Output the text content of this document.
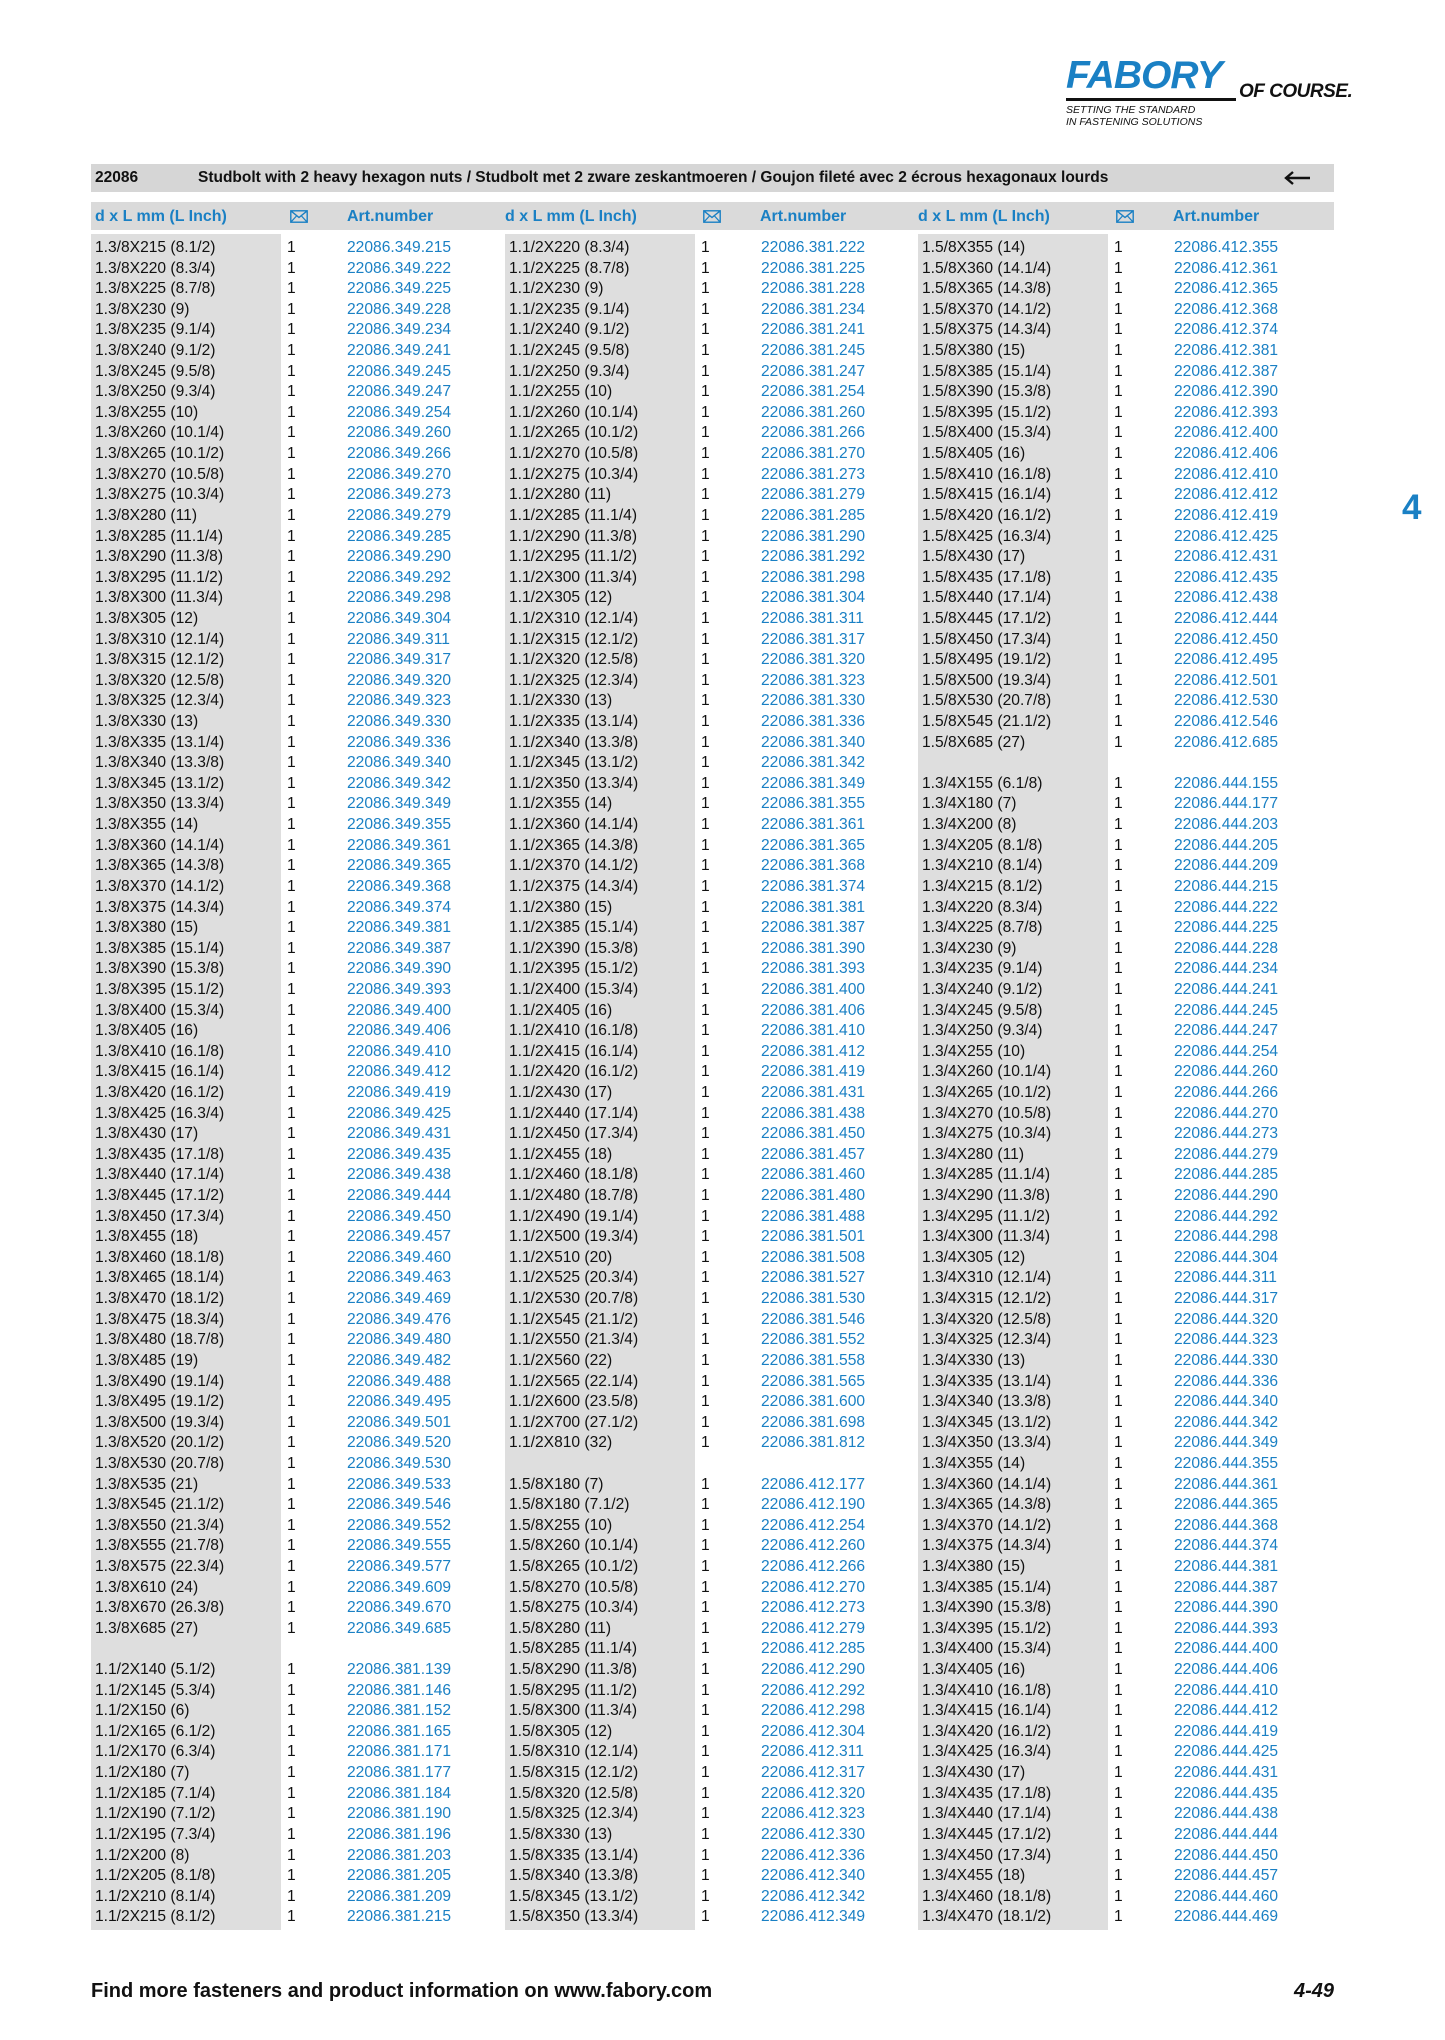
FABORY OF COURSE.
SETTING THE STANDARD
IN FASTENING SOLUTIONS
4
22086	Studbolt with 2 heavy hexagon nuts / Studbolt met 2 zware zeskantmoeren / Goujon fileté avec 2 écrous hexagonaux lourds
d x L mm (L Inch)	Art.number	d x L mm (L Inch)	Art.number	d x L mm (L Inch)	Art.number
1.3/8X215 (8.1/2)	1	22086.349.215
1.3/8X220 (8.3/4)	1	22086.349.222
1.3/8X225 (8.7/8)	1	22086.349.225
1.3/8X230 (9)	1	22086.349.228
1.3/8X235 (9.1/4)	1	22086.349.234
1.3/8X240 (9.1/2)	1	22086.349.241
1.3/8X245 (9.5/8)	1	22086.349.245
1.3/8X250 (9.3/4)	1	22086.349.247
1.3/8X255 (10)	1	22086.349.254
1.3/8X260 (10.1/4)	1	22086.349.260
1.3/8X265 (10.1/2)	1	22086.349.266
1.3/8X270 (10.5/8)	1	22086.349.270
1.3/8X275 (10.3/4)	1	22086.349.273
1.3/8X280 (11)	1	22086.349.279
1.3/8X285 (11.1/4)	1	22086.349.285
1.3/8X290 (11.3/8)	1	22086.349.290
1.3/8X295 (11.1/2)	1	22086.349.292
1.3/8X300 (11.3/4)	1	22086.349.298
1.3/8X305 (12)	1	22086.349.304
1.3/8X310 (12.1/4)	1	22086.349.311
1.3/8X315 (12.1/2)	1	22086.349.317
1.3/8X320 (12.5/8)	1	22086.349.320
1.3/8X325 (12.3/4)	1	22086.349.323
1.3/8X330 (13)	1	22086.349.330
1.3/8X335 (13.1/4)	1	22086.349.336
1.3/8X340 (13.3/8)	1	22086.349.340
1.3/8X345 (13.1/2)	1	22086.349.342
1.3/8X350 (13.3/4)	1	22086.349.349
1.3/8X355 (14)	1	22086.349.355
1.3/8X360 (14.1/4)	1	22086.349.361
1.3/8X365 (14.3/8)	1	22086.349.365
1.3/8X370 (14.1/2)	1	22086.349.368
1.3/8X375 (14.3/4)	1	22086.349.374
1.3/8X380 (15)	1	22086.349.381
1.3/8X385 (15.1/4)	1	22086.349.387
1.3/8X390 (15.3/8)	1	22086.349.390
1.3/8X395 (15.1/2)	1	22086.349.393
1.3/8X400 (15.3/4)	1	22086.349.400
1.3/8X405 (16)	1	22086.349.406
1.3/8X410 (16.1/8)	1	22086.349.410
1.3/8X415 (16.1/4)	1	22086.349.412
1.3/8X420 (16.1/2)	1	22086.349.419
1.3/8X425 (16.3/4)	1	22086.349.425
1.3/8X430 (17)	1	22086.349.431
1.3/8X435 (17.1/8)	1	22086.349.435
1.3/8X440 (17.1/4)	1	22086.349.438
1.3/8X445 (17.1/2)	1	22086.349.444
1.3/8X450 (17.3/4)	1	22086.349.450
1.3/8X455 (18)	1	22086.349.457
1.3/8X460 (18.1/8)	1	22086.349.460
1.3/8X465 (18.1/4)	1	22086.349.463
1.3/8X470 (18.1/2)	1	22086.349.469
1.3/8X475 (18.3/4)	1	22086.349.476
1.3/8X480 (18.7/8)	1	22086.349.480
1.3/8X485 (19)	1	22086.349.482
1.3/8X490 (19.1/4)	1	22086.349.488
1.3/8X495 (19.1/2)	1	22086.349.495
1.3/8X500 (19.3/4)	1	22086.349.501
1.3/8X520 (20.1/2)	1	22086.349.520
1.3/8X530 (20.7/8)	1	22086.349.530
1.3/8X535 (21)	1	22086.349.533
1.3/8X545 (21.1/2)	1	22086.349.546
1.3/8X550 (21.3/4)	1	22086.349.552
1.3/8X555 (21.7/8)	1	22086.349.555
1.3/8X575 (22.3/4)	1	22086.349.577
1.3/8X610 (24)	1	22086.349.609
1.3/8X670 (26.3/8)	1	22086.349.670
1.3/8X685 (27)	1	22086.349.685
1.1/2X140 (5.1/2)	1	22086.381.139
1.1/2X145 (5.3/4)	1	22086.381.146
1.1/2X150 (6)	1	22086.381.152
1.1/2X165 (6.1/2)	1	22086.381.165
1.1/2X170 (6.3/4)	1	22086.381.171
1.1/2X180 (7)	1	22086.381.177
1.1/2X185 (7.1/4)	1	22086.381.184
1.1/2X190 (7.1/2)	1	22086.381.190
1.1/2X195 (7.3/4)	1	22086.381.196
1.1/2X200 (8)	1	22086.381.203
1.1/2X205 (8.1/8)	1	22086.381.205
1.1/2X210 (8.1/4)	1	22086.381.209
1.1/2X215 (8.1/2)	1	22086.381.215
1.1/2X220 (8.3/4)	1	22086.381.222
1.1/2X225 (8.7/8)	1	22086.381.225
1.1/2X230 (9)	1	22086.381.228
1.1/2X235 (9.1/4)	1	22086.381.234
1.1/2X240 (9.1/2)	1	22086.381.241
1.1/2X245 (9.5/8)	1	22086.381.245
1.1/2X250 (9.3/4)	1	22086.381.247
1.1/2X255 (10)	1	22086.381.254
1.1/2X260 (10.1/4)	1	22086.381.260
1.1/2X265 (10.1/2)	1	22086.381.266
1.1/2X270 (10.5/8)	1	22086.381.270
1.1/2X275 (10.3/4)	1	22086.381.273
1.1/2X280 (11)	1	22086.381.279
1.1/2X285 (11.1/4)	1	22086.381.285
1.1/2X290 (11.3/8)	1	22086.381.290
1.1/2X295 (11.1/2)	1	22086.381.292
1.1/2X300 (11.3/4)	1	22086.381.298
1.1/2X305 (12)	1	22086.381.304
1.1/2X310 (12.1/4)	1	22086.381.311
1.1/2X315 (12.1/2)	1	22086.381.317
1.1/2X320 (12.5/8)	1	22086.381.320
1.1/2X325 (12.3/4)	1	22086.381.323
1.1/2X330 (13)	1	22086.381.330
1.1/2X335 (13.1/4)	1	22086.381.336
1.1/2X340 (13.3/8)	1	22086.381.340
1.1/2X345 (13.1/2)	1	22086.381.342
1.1/2X350 (13.3/4)	1	22086.381.349
1.1/2X355 (14)	1	22086.381.355
1.1/2X360 (14.1/4)	1	22086.381.361
1.1/2X365 (14.3/8)	1	22086.381.365
1.1/2X370 (14.1/2)	1	22086.381.368
1.1/2X375 (14.3/4)	1	22086.381.374
1.1/2X380 (15)	1	22086.381.381
1.1/2X385 (15.1/4)	1	22086.381.387
1.1/2X390 (15.3/8)	1	22086.381.390
1.1/2X395 (15.1/2)	1	22086.381.393
1.1/2X400 (15.3/4)	1	22086.381.400
1.1/2X405 (16)	1	22086.381.406
1.1/2X410 (16.1/8)	1	22086.381.410
1.1/2X415 (16.1/4)	1	22086.381.412
1.1/2X420 (16.1/2)	1	22086.381.419
1.1/2X430 (17)	1	22086.381.431
1.1/2X440 (17.1/4)	1	22086.381.438
1.1/2X450 (17.3/4)	1	22086.381.450
1.1/2X455 (18)	1	22086.381.457
1.1/2X460 (18.1/8)	1	22086.381.460
1.1/2X480 (18.7/8)	1	22086.381.480
1.1/2X490 (19.1/4)	1	22086.381.488
1.1/2X500 (19.3/4)	1	22086.381.501
1.1/2X510 (20)	1	22086.381.508
1.1/2X525 (20.3/4)	1	22086.381.527
1.1/2X530 (20.7/8)	1	22086.381.530
1.1/2X545 (21.1/2)	1	22086.381.546
1.1/2X550 (21.3/4)	1	22086.381.552
1.1/2X560 (22)	1	22086.381.558
1.1/2X565 (22.1/4)	1	22086.381.565
1.1/2X600 (23.5/8)	1	22086.381.600
1.1/2X700 (27.1/2)	1	22086.381.698
1.1/2X810 (32)	1	22086.381.812
1.5/8X180 (7)	1	22086.412.177
1.5/8X180 (7.1/2)	1	22086.412.190
1.5/8X255 (10)	1	22086.412.254
1.5/8X260 (10.1/4)	1	22086.412.260
1.5/8X265 (10.1/2)	1	22086.412.266
1.5/8X270 (10.5/8)	1	22086.412.270
1.5/8X275 (10.3/4)	1	22086.412.273
1.5/8X280 (11)	1	22086.412.279
1.5/8X285 (11.1/4)	1	22086.412.285
1.5/8X290 (11.3/8)	1	22086.412.290
1.5/8X295 (11.1/2)	1	22086.412.292
1.5/8X300 (11.3/4)	1	22086.412.298
1.5/8X305 (12)	1	22086.412.304
1.5/8X310 (12.1/4)	1	22086.412.311
1.5/8X315 (12.1/2)	1	22086.412.317
1.5/8X320 (12.5/8)	1	22086.412.320
1.5/8X325 (12.3/4)	1	22086.412.323
1.5/8X330 (13)	1	22086.412.330
1.5/8X335 (13.1/4)	1	22086.412.336
1.5/8X340 (13.3/8)	1	22086.412.340
1.5/8X345 (13.1/2)	1	22086.412.342
1.5/8X350 (13.3/4)	1	22086.412.349
1.5/8X355 (14)	1	22086.412.355
1.5/8X360 (14.1/4)	1	22086.412.361
1.5/8X365 (14.3/8)	1	22086.412.365
1.5/8X370 (14.1/2)	1	22086.412.368
1.5/8X375 (14.3/4)	1	22086.412.374
1.5/8X380 (15)	1	22086.412.381
1.5/8X385 (15.1/4)	1	22086.412.387
1.5/8X390 (15.3/8)	1	22086.412.390
1.5/8X395 (15.1/2)	1	22086.412.393
1.5/8X400 (15.3/4)	1	22086.412.400
1.5/8X405 (16)	1	22086.412.406
1.5/8X410 (16.1/8)	1	22086.412.410
1.5/8X415 (16.1/4)	1	22086.412.412
1.5/8X420 (16.1/2)	1	22086.412.419
1.5/8X425 (16.3/4)	1	22086.412.425
1.5/8X430 (17)	1	22086.412.431
1.5/8X435 (17.1/8)	1	22086.412.435
1.5/8X440 (17.1/4)	1	22086.412.438
1.5/8X445 (17.1/2)	1	22086.412.444
1.5/8X450 (17.3/4)	1	22086.412.450
1.5/8X495 (19.1/2)	1	22086.412.495
1.5/8X500 (19.3/4)	1	22086.412.501
1.5/8X530 (20.7/8)	1	22086.412.530
1.5/8X545 (21.1/2)	1	22086.412.546
1.5/8X685 (27)	1	22086.412.685
1.3/4X155 (6.1/8)	1	22086.444.155
1.3/4X180 (7)	1	22086.444.177
1.3/4X200 (8)	1	22086.444.203
1.3/4X205 (8.1/8)	1	22086.444.205
1.3/4X210 (8.1/4)	1	22086.444.209
1.3/4X215 (8.1/2)	1	22086.444.215
1.3/4X220 (8.3/4)	1	22086.444.222
1.3/4X225 (8.7/8)	1	22086.444.225
1.3/4X230 (9)	1	22086.444.228
1.3/4X235 (9.1/4)	1	22086.444.234
1.3/4X240 (9.1/2)	1	22086.444.241
1.3/4X245 (9.5/8)	1	22086.444.245
1.3/4X250 (9.3/4)	1	22086.444.247
1.3/4X255 (10)	1	22086.444.254
1.3/4X260 (10.1/4)	1	22086.444.260
1.3/4X265 (10.1/2)	1	22086.444.266
1.3/4X270 (10.5/8)	1	22086.444.270
1.3/4X275 (10.3/4)	1	22086.444.273
1.3/4X280 (11)	1	22086.444.279
1.3/4X285 (11.1/4)	1	22086.444.285
1.3/4X290 (11.3/8)	1	22086.444.290
1.3/4X295 (11.1/2)	1	22086.444.292
1.3/4X300 (11.3/4)	1	22086.444.298
1.3/4X305 (12)	1	22086.444.304
1.3/4X310 (12.1/4)	1	22086.444.311
1.3/4X315 (12.1/2)	1	22086.444.317
1.3/4X320 (12.5/8)	1	22086.444.320
1.3/4X325 (12.3/4)	1	22086.444.323
1.3/4X330 (13)	1	22086.444.330
1.3/4X335 (13.1/4)	1	22086.444.336
1.3/4X340 (13.3/8)	1	22086.444.340
1.3/4X345 (13.1/2)	1	22086.444.342
1.3/4X350 (13.3/4)	1	22086.444.349
1.3/4X355 (14)	1	22086.444.355
1.3/4X360 (14.1/4)	1	22086.444.361
1.3/4X365 (14.3/8)	1	22086.444.365
1.3/4X370 (14.1/2)	1	22086.444.368
1.3/4X375 (14.3/4)	1	22086.444.374
1.3/4X380 (15)	1	22086.444.381
1.3/4X385 (15.1/4)	1	22086.444.387
1.3/4X390 (15.3/8)	1	22086.444.390
1.3/4X395 (15.1/2)	1	22086.444.393
1.3/4X400 (15.3/4)	1	22086.444.400
1.3/4X405 (16)	1	22086.444.406
1.3/4X410 (16.1/8)	1	22086.444.410
1.3/4X415 (16.1/4)	1	22086.444.412
1.3/4X420 (16.1/2)	1	22086.444.419
1.3/4X425 (16.3/4)	1	22086.444.425
1.3/4X430 (17)	1	22086.444.431
1.3/4X435 (17.1/8)	1	22086.444.435
1.3/4X440 (17.1/4)	1	22086.444.438
1.3/4X445 (17.1/2)	1	22086.444.444
1.3/4X450 (17.3/4)	1	22086.444.450
1.3/4X455 (18)	1	22086.444.457
1.3/4X460 (18.1/8)	1	22086.444.460
1.3/4X470 (18.1/2)	1	22086.444.469
Find more fasteners and product information on www.fabory.com	4-49
